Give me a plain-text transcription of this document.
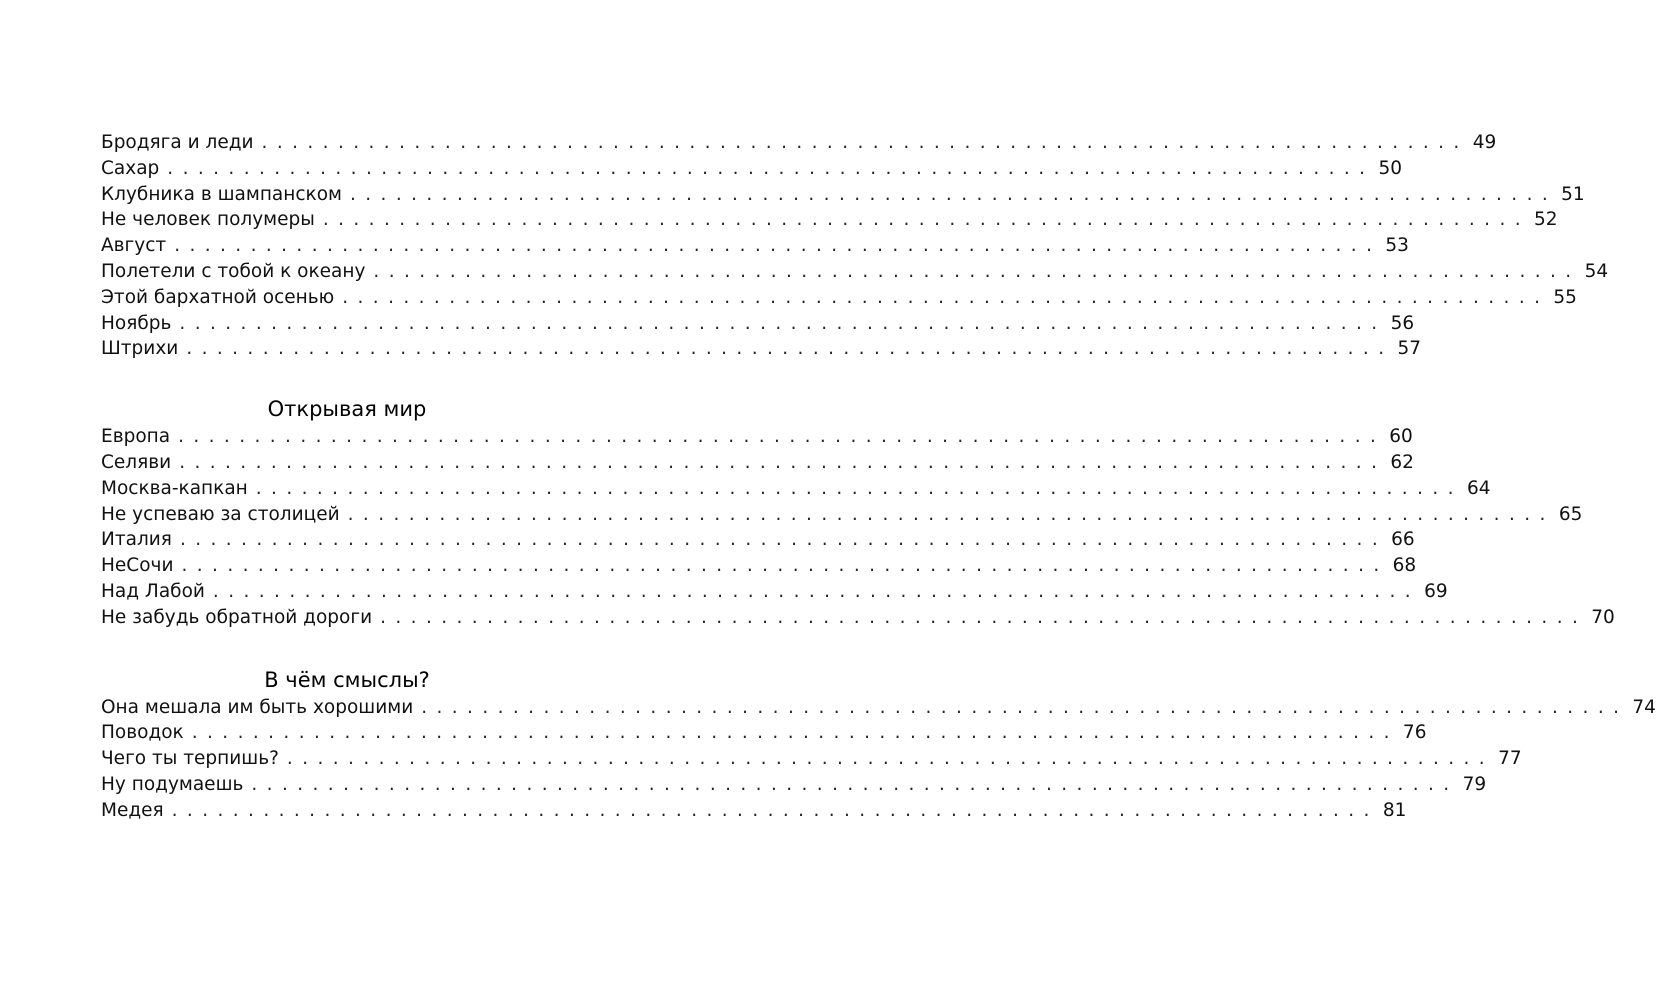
Бродяга и леди ............................................................................... 49
Сахар ............................................................................... 50
Клубника в шампанском ............................................................................... 51
Не человек полумеры ............................................................................... 52
Август ............................................................................... 53
Полетели с тобой к океану ............................................................................... 54
Этой бархатной осенью ............................................................................... 55
Ноябрь ............................................................................... 56
Штрихи ............................................................................... 57
Открывая мир
Европа ............................................................................... 60
Селяви ............................................................................... 62
Москва-капкан ............................................................................... 64
Не успеваю за столицей ............................................................................... 65
Италия ............................................................................... 66
НеСочи ............................................................................... 68
Над Лабой ............................................................................... 69
Не забудь обратной дороги ............................................................................... 70
В чём смыслы?
Она мешала им быть хорошими ............................................................................... 74
Поводок ............................................................................... 76
Чего ты терпишь? ............................................................................... 77
Ну подумаешь ............................................................................... 79
Медея ............................................................................... 81
